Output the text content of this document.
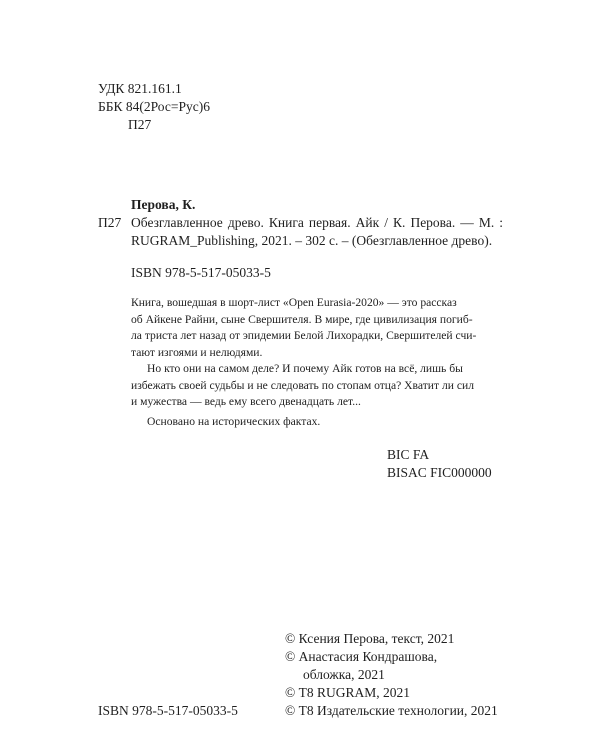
УДК 821.161.1
ББК 84(2Рос=Рус)6
П27
Перова, К.
П27 Обезглавленное древо. Книга первая. Айк / К. Перова. — М. :
RUGRAM_Publishing, 2021. – 302 с. – (Обезглавленное древо).
ISBN 978-5-517-05033-5
Книга, вошедшая в шорт-лист «Open Eurasia-2020» — это рассказ
об Айкене Райни, сыне Свершителя. В мире, где цивилизация погиб-
ла триста лет назад от эпидемии Белой Лихорадки, Свершителей счи-
тают изгоями и нелюдями.
Но кто они на самом деле? И почему Айк готов на всё, лишь бы
избежать своей судьбы и не следовать по стопам отца? Хватит ли сил
и мужества — ведь ему всего двенадцать лет...
Основано на исторических фактах.
BIC FA
BISAC FIC000000
© Ксения Перова, текст, 2021
© Анастасия Кондрашова,
обложка, 2021
© Т8 RUGRAM, 2021
© Т8 Издательские технологии, 2021
ISBN 978-5-517-05033-5
